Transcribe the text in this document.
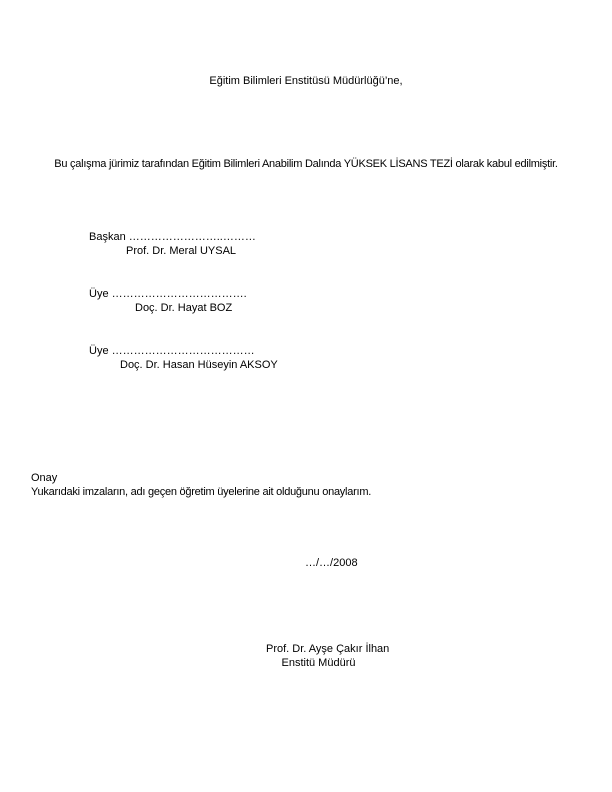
Eğitim Bilimleri Enstitüsü Müdürlüğü’ne,
Bu çalışma jürimiz tarafından Eğitim Bilimleri Anabilim Dalında YÜKSEK LİSANS TEZİ olarak kabul edilmiştir.
Başkan ……………………..………
Prof. Dr. Meral UYSAL
Üye ……………………………….
Doç. Dr. Hayat BOZ
Üye …………………………………
Doç. Dr. Hasan Hüseyin AKSOY
Onay
Yukarıdaki imzaların, adı geçen öğretim üyelerine ait olduğunu onaylarım.
…/…/2008
Prof. Dr. Ayşe Çakır İlhan
Enstitü Müdürü
